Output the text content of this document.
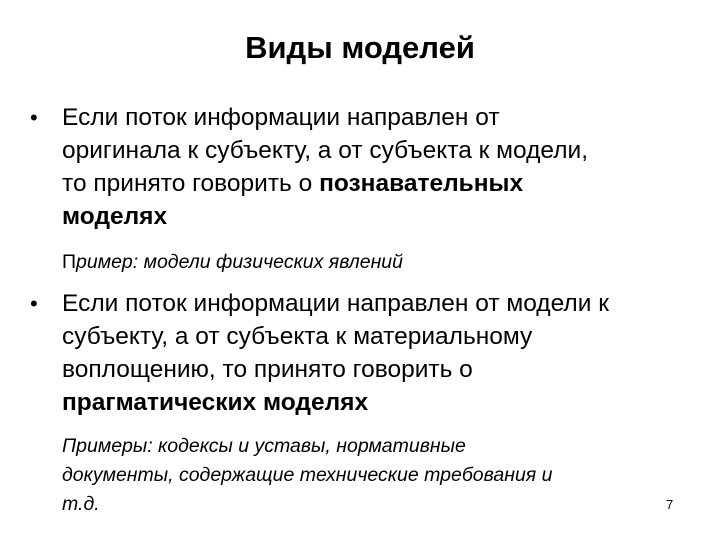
Виды моделей
• Если поток информации направлен от
оригинала к субъекту, а от субъекта к модели,
то принято говорить о познавательных
моделях
Пример: модели физических явлений
• Если поток информации направлен от модели к
субъекту, а от субъекта к материальному
воплощению, то принято говорить о
прагматических моделях
Примеры: кодексы и уставы, нормативные
документы, содержащие технические требования и
т.д.	7
